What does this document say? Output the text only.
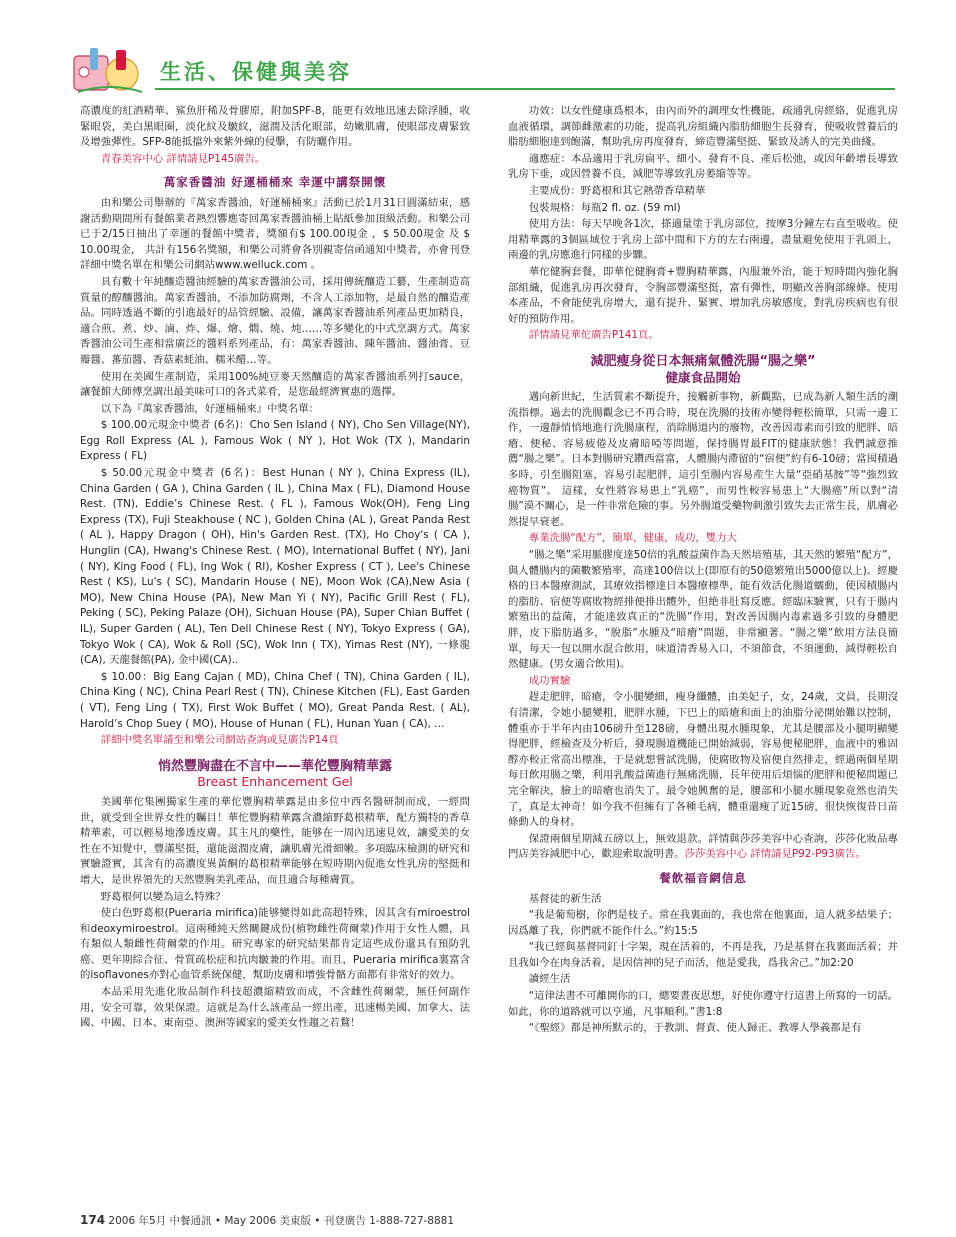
生活、保健與美容

高濃度的紅酒精華、鯊魚肝稀及骨膠原，附加SPF-8，能更有效地迅速去除浮腫，收緊眼袋，美白黑眼圈，淡化紋及皺紋，滋潤及活化眼部，幼嫩肌膚，使眼部皮膚緊致及增強彈性。SFP-8能抵擋外來紫外線的侵擊，有防曬作用。

青春美容中心 詳情請見P145廣告。

萬家香醬油 好運桶桶來 幸運中講祭開懷

由和樂公司舉辦的『萬家香醬油，好運桶桶來』活動已於1月31日圓滿結束，感謝活動期間所有餐館業者熱烈響應寄回萬家香醬油桶上貼紙參加頂級活動。和樂公司已于2/15日抽出了幸運的餐館中獎者，獎額有$ 100.00現金 ，$ 50.00現金 及 $ 10.00現金， 共計有156名獎額，和樂公司將會各別親寄信函通知中獎者，亦會刊登詳細中獎名單在和樂公司網站www.welluck.com 。

具有數十年純釀造醬油經驗的萬家香醬油公司，採用傳統釀造工藝，生產制造高質量的醇釀醬油。萬家香醬油，不添加防腐劑，不含人工添加物，是最自然的釀造產品。同時透過不斷的引進最好的品管經驗、設備，讓萬家香醬油系列產品更加精良，適合煎、煮、炒、滷、炸、爆、燴、燜、燒、炖……等多變化的中式烹調方式。萬家香醬油公司生產相當廣泛的醬料系列產品，有：萬家香醬油、陳年醬油、醬油膏、豆瓣醬、蕃茄醬、香菇素蚝油、糯米醋…等。

使用在美國生產制造，采用100%純豆麥天然釀造的萬家香醬油系列打sauce，讓餐館大師傅烹調出最美味可口的各式菜肴，是您最經濟實惠的選擇。

以下為『萬家香醬油，好運桶桶來』中獎名單：

$ 100.00元現金中獎者 (6名)：Cho Sen Island ( NY), Cho Sen Village(NY), Egg Roll Express (AL ), Famous Wok ( NY ), Hot Wok (TX ), Mandarin Express ( FL)

$ 50.00元現金中獎者 (6名)：Best Hunan ( NY ), China Express (IL), China Garden ( GA ), China Garden ( IL ), China Max ( FL), Diamond House Rest. (TN), Eddie’s Chinese Rest. ( FL ), Famous Wok(OH), Feng Ling Express (TX), Fuji Steakhouse ( NC ), Golden China (AL ), Great Panda Rest ( AL ), Happy Dragon ( OH), Hin's Garden Rest. (TX), Ho Choy's ( CA ), Hunglin (CA), Hwang's Chinese Rest. ( MO), International Buffet ( NY), Jani ( NY), King Food ( FL), Ing Wok ( RI), Kosher Express ( CT ), Lee's Chinese Rest ( KS), Lu's ( SC), Mandarin House ( NE), Moon Wok (CA),New Asia ( MO), New China House (PA), New Man Yi ( NY), Pacific Grill Rest ( FL), Peking ( SC), Peking Palaze (OH), Sichuan House (PA), Super Chian Buffet ( IL), Super Garden ( AL), Ten Dell Chinese Rest ( NY), Tokyo Express ( GA), Tokyo Wok ( CA), Wok & Roll (SC), Wok Inn ( TX), Yimas Rest (NY), 一條龍(CA), 天龍餐館(PA), 金中國(CA)..

$ 10.00：Big Eang Cajan ( MD), China Chef ( TN), China Garden ( IL), China King ( NC), China Pearl Rest ( TN), Chinese Kitchen (FL), East Garden ( VT), Feng Ling ( TX), First Wok Buffet ( MO), Great Panda Rest. ( AL), Harold’s Chop Suey ( MO), House of Hunan ( FL), Hunan Yuan ( CA), …

詳細中獎名單請至和樂公司網站查詢或見廣告P14頁

悄然豐胸盡在不言中——華佗豐胸精華露
Breast Enhancement Gel

美國華佗集團獨家生產的華佗豐胸精華露是由多位中西名醫研制而成，一經問世，就受到全世界女性的矚目！華佗豐胸精華露含濃縮野葛根精華，配方獨特的香草精華素，可以輕易地滲透皮膚。其主凡的藥性，能够在一周內迅速見效，讓愛美的女性在不知覺中，豐滿堅挺，還能滋潤皮膚，讓肌膚光滑細嫩。多項臨床檢測的研究和實驗證實，其含有的高濃度異黃酮的葛根精華能够在短時期內促進女性乳房的堅挺和增大，是世界領先的天然豐胸美乳產品，而且適合每種膚質。

野葛根何以變為這么特殊？

使白色野葛根(Pueraria mirifica)能够變得如此高超特殊，因其含有miroestrol和deoxymiroestrol。這兩種純天然關鍵成份(植物雌性荷爾蒙)作用于女性人體，具有類似人類雌性荷爾蒙的作用。研究專家的研究結果都肯定這些成份還具有預防乳癌、更年期綜合征、骨質疏松症和抗肉皺兼的作用。而且，Pueraria mirifica裏富含的isoflavones亦對心血管系統保健，幫助皮膚和增強骨骼方面都有非常好的效力。

本品采用先進化妝品制作科技超濃縮精致而成，不含雌性荷爾蒙，無任何副作用，安全可靠，效果保證。這就是為什么該產品一經出產，迅速暢美國、加拿大、法國、中國、日本、東南亞、澳洲等國家的愛美女性趨之若鶩！

功效：以女性健康爲根本，由內而外的調理女性機能，疏通乳房經絡，促進乳房血液循環，調節雌激素的功能，提高乳房組織內脂肪細胞生長發育，使吸收營養后的脂肪細胞達到飽滿，幫助乳房再度發育，締造豐滿堅挺、緊致及誘人的完美曲綫。

適應症：本品適用于乳房扁平、細小、發育不良、產后松弛，或因年齡增長導致乳房下垂，或因營養不良，減肥等導致乳房萎縮等等。

主要成份：野葛根和其它熱帶香草精華

包裝規格：每瓶2 fl. oz. (59 ml)

使用方法：每天早晚各1次，搽適量塗于乳房部位，按摩3分鐘左右直至吸收。使用精華露的3個區域位于乳房上部中間和下方的左右兩邊，盡量避免使用于乳頭上，兩邊的乳房應進行同樣的步驟。

華佗健胸套餐，即華佗健胸膏+豐胸精華露，內服兼外治，能于短時間內強化胸部組織，促進乳房再次發育，令胸部豐滿堅挺，富有彈性，明顯改善胸部線條。使用本產品，不會能使乳房增大，還有提升、緊實、增加乳房敏感度，對乳房疾病也有很好的預防作用。

詳情請見華佗廣告P141頁。

減肥瘦身從日本無痛氣體洗腸“腸之樂”
健康食品開始

邁向新世紀，生活質素不斷提升，接觸新事物，新觀點，已成為新人類生活的潮流指標。過去的洗腸觀念已不再合時，現在洗腸的技術亦變得輕松簡單，只需一邊工作，一邊靜悄悄地進行洗腸康程，消除腸道内的廢物，改善因毒素而引致的肥胖、暗瘡、便秘、容易疲倦及皮膚暗啞等問題，保持腸胃最FIT的健康狀態！我們誠意推薦“腸之樂”。日本對腸研究鑽西當富，人體腸内滯留的“宿便”約有6-10磅；當囤積過多時，引至腸阻塞，容易引起肥胖，這引至腸内容易産生大量“亞硝基胺”等“強烈致癌物質”。 這樣，女性將容易患上“乳癌”，而男性較容易患上“大腸癌”所以對“清腸”漠不關心，是一件非常危險的事。另外腸道受藥物刺激引致失去正常生長，肌膚必然提早衰老。

專業洗腸“配方”，簡單，健康，成功，雙力大

“腸之樂”采用脈膠度達50倍的乳酸益菌作為天然培殖基，其天然的繁殖“配方”，與人體腸内的菌數繁殖率，高達100倍以上(即原有的50億繁殖出5000億以上)。經慶格的日本醫療測試，其療效指標達日本醫療標準，能有效活化腸道蠕動，使因積腸内的脂肪、宿便等腐敗物經排便排出體外，但絶非肚寫反應。經臨床驗實，只有于腸内繁殖出的益菌，才能達致真正的“洗腸”作用，對改善因腸内毒素過多引致的身體肥胖，皮下脂肪過多，“脫脂”水腫及“暗瘡”問題，非常顯著。“腸之樂”飲用方法良簡單，每天一包以開水混合飲用，味道清香易入口，不須節食，不須運動，減得輕松自然健康。(男女適合飲用)。

成功實驗

趕走肥胖，暗瘡，令小腿變細，瘦身纖體，由美妃子，女，24歲，文員，長期沒有清潔，令她小腿變粗，肥胖水腫，下巴上的暗瘡和面上的油脂分泌開始難以控制，體重亦于半年内由106磅升至128磅，身體出現水腫現象，尤其是腰部及小腿明顯變得肥胖，經檢查及分析后，發現腸道機能已開始減弱，容易便秘肥胖，血液中的雅固醇亦較正常高出標准，于是就想嘗試洗腸，使腐敗物及宿便自然排走，經過兩個星期每日飲用腸之樂，利用乳酸益菌進行無痛洗腸，長年使用后煩惱的肥胖和便秘問題已完全解決，臉上的暗瘡也消失了。最令她興奮的是，腰部和小腿水腫現象竟然也消失了，真是太神奇！如今我不但擁有了各種毛病，體重還瘦了近15磅，很快恢復昔日苗條動人的身材。

保證兩個星期減五磅以上，無效退款。詳情與莎莎美容中心查詢，莎莎化妝品專門店美容減肥中心，歡迎索取說明書。莎莎美容中心 詳情請見P92-P93廣告。

餐飲福音網信息

基督徒的新生活

“我是葡萄樹，你們是枝子。常在我裏面的，我也常在他裏面，這人就多結果子；因爲離了我，你們就不能作什么。”約15:5

“我已經與基督同釘十字架，現在活着的，不再是我，乃是基督在我裏面活着；并且我如今在肉身活着，是因信神的兒子而活，他是愛我，爲我舍己。”加2:20

讀經生活

“這律法書不可離開你的口，總要晝夜思想，好使你遵守行這書上所寫的一切話。如此，你的道路就可以亨通，凡事順利。”書1:8

“《聖經》都是神所默示的，于教訓、督責、使人歸正、教導人學義都是有

174 2006 年5月 中餐通訊 • May 2006 美東版 • 刊登廣告 1-888-727-8881
